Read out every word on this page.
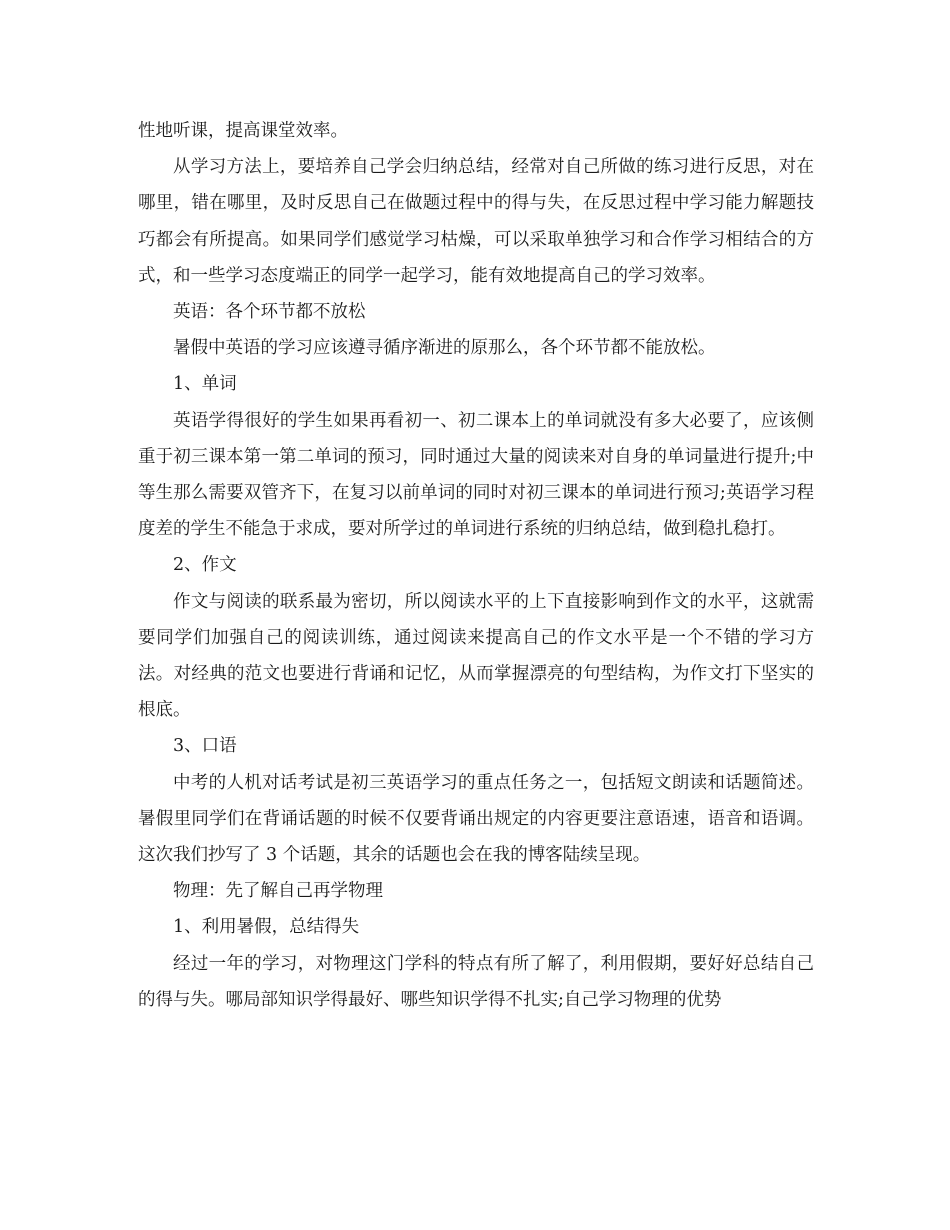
性地听课，提高课堂效率。

从学习方法上，要培养自己学会归纳总结，经常对自己所做的练习进行反思，对在哪里，错在哪里，及时反思自己在做题过程中的得与失，在反思过程中学习能力解题技巧都会有所提高。如果同学们感觉学习枯燥，可以采取单独学习和合作学习相结合的方式，和一些学习态度端正的同学一起学习，能有效地提高自己的学习效率。

英语：各个环节都不放松

暑假中英语的学习应该遵寻循序渐进的原那么，各个环节都不能放松。

1、单词

英语学得很好的学生如果再看初一、初二课本上的单词就没有多大必要了，应该侧重于初三课本第一第二单词的预习，同时通过大量的阅读来对自身的单词量进行提升;中等生那么需要双管齐下，在复习以前单词的同时对初三课本的单词进行预习;英语学习程度差的学生不能急于求成，要对所学过的单词进行系统的归纳总结，做到稳扎稳打。

2、作文

作文与阅读的联系最为密切，所以阅读水平的上下直接影响到作文的水平，这就需要同学们加强自己的阅读训练，通过阅读来提高自己的作文水平是一个不错的学习方法。对经典的范文也要进行背诵和记忆，从而掌握漂亮的句型结构，为作文打下坚实的根底。

3、口语

中考的人机对话考试是初三英语学习的重点任务之一，包括短文朗读和话题简述。暑假里同学们在背诵话题的时候不仅要背诵出规定的内容更要注意语速，语音和语调。这次我们抄写了 3 个话题，其余的话题也会在我的博客陆续呈现。

物理：先了解自己再学物理

1、利用暑假，总结得失

经过一年的学习，对物理这门学科的特点有所了解了，利用假期，要好好总结自己的得与失。哪局部知识学得最好、哪些知识学得不扎实;自己学习物理的优势
